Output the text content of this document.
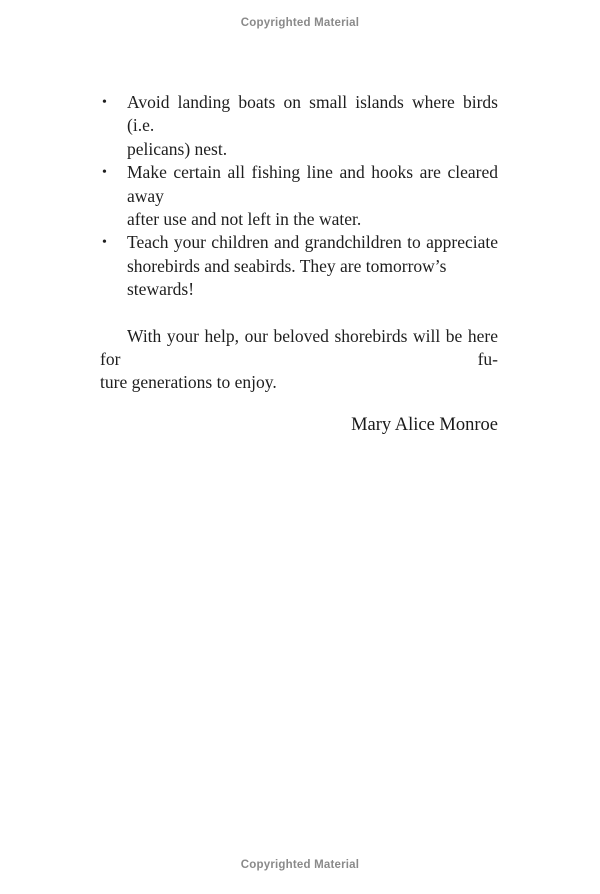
Copyrighted Material
•	Avoid landing boats on small islands where birds (i.e.
pelicans) nest.
•	Make certain all fishing line and hooks are cleared away
after use and not left in the water.
•	Teach your children and grandchildren to appreciate
shorebirds and seabirds. They are tomorrow’s stewards!
With your help, our beloved shorebirds will be here for fu-
ture generations to enjoy.
Mary Alice Monroe
Copyrighted Material
